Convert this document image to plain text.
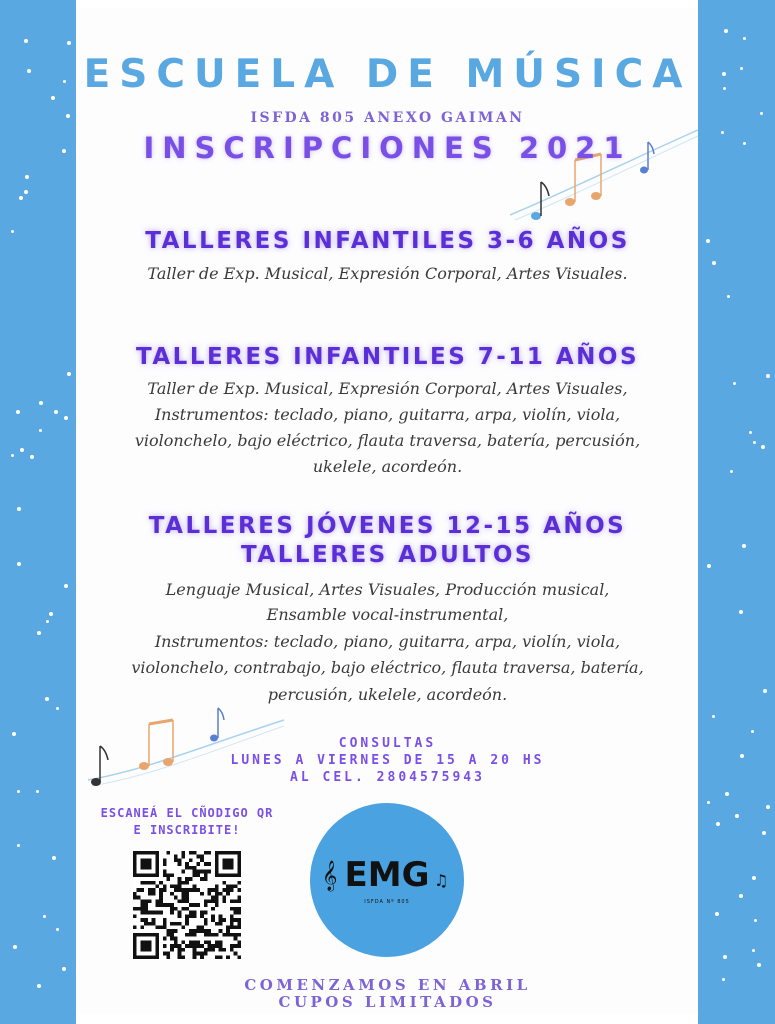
ESCUELA DE MÚSICA
ISFDA 805 ANEXO GAIMAN
INSCRIPCIONES 2021
TALLERES INFANTILES 3-6 AÑOS
Taller de Exp. Musical, Expresión Corporal, Artes Visuales.
TALLERES INFANTILES 7-11 AÑOS
Taller de Exp. Musical, Expresión Corporal, Artes Visuales,
Instrumentos: teclado, piano, guitarra, arpa, violín, viola,
violonchelo, bajo eléctrico, flauta traversa, batería, percusión,
ukelele, acordeón.
TALLERES JÓVENES 12-15 AÑOS
TALLERES ADULTOS
Lenguaje Musical, Artes Visuales, Producción musical,
Ensamble vocal-instrumental,
Instrumentos: teclado, piano, guitarra, arpa, violín, viola,
violonchelo, contrabajo, bajo eléctrico, flauta traversa, batería,
percusión, ukelele, acordeón.
CONSULTAS
LUNES A VIERNES DE 15 A 20 HS
AL CEL. 2804575943
ESCANEÁ EL CÑODIGO QR
E INSCRIBITE!
𝄞 EMG ♫
ISFDA Nº 805
COMENZAMOS EN ABRIL
CUPOS LIMITADOS
